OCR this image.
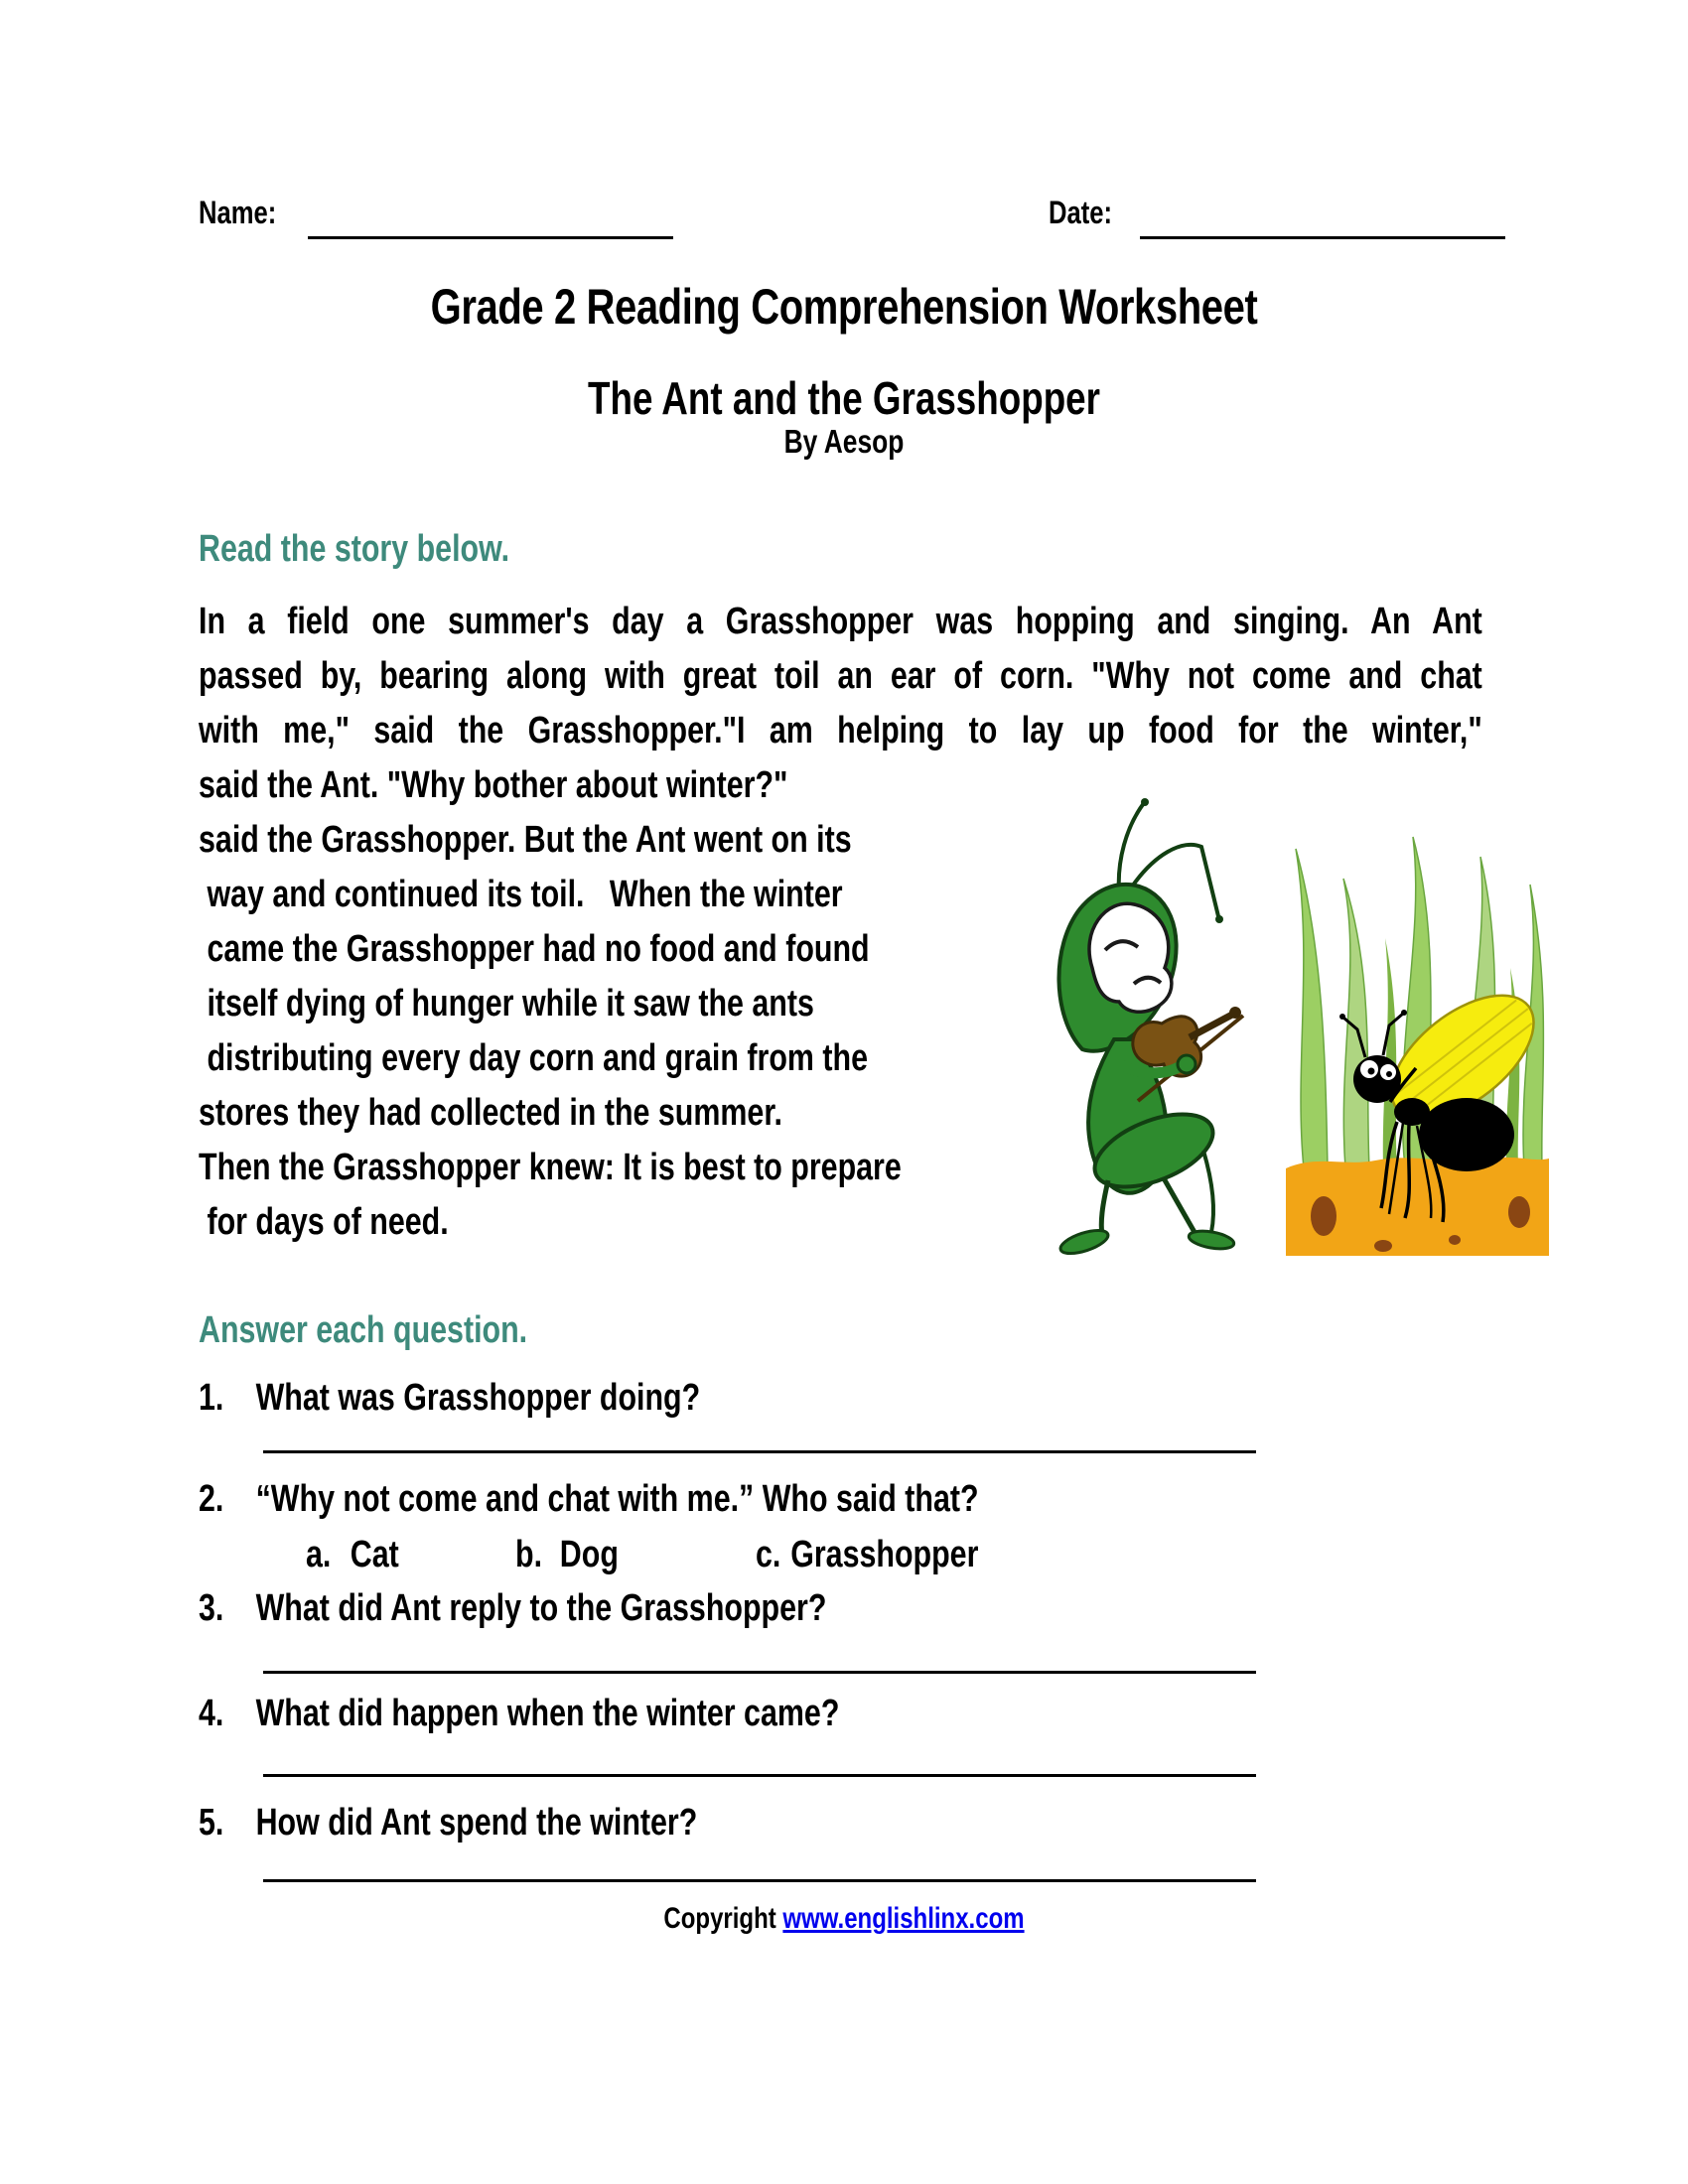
Name:	Date:
Grade 2 Reading Comprehension Worksheet
The Ant and the Grasshopper
By Aesop
Read the story below.
In a field one summer's day a Grasshopper was hopping and singing. An Ant
passed by, bearing along with great toil an ear of corn. "Why not come and chat
with me," said the Grasshopper."I am helping to lay up food for the winter,"
said the Ant. "Why bother about winter?"
said the Grasshopper. But the Ant went on its
way and continued its toil.   When the winter
came the Grasshopper had no food and found
itself dying of hunger while it saw the ants
distributing every day corn and grain from the
stores they had collected in the summer.
Then the Grasshopper knew: It is best to prepare
for days of need.
Answer each question.
1. What was Grasshopper doing?
2. “Why not come and chat with me.” Who said that?
a. Cat	b. Dog	c. Grasshopper
3. What did Ant reply to the Grasshopper?
4. What did happen when the winter came?
5. How did Ant spend the winter?
Copyright www.englishlinx.com
